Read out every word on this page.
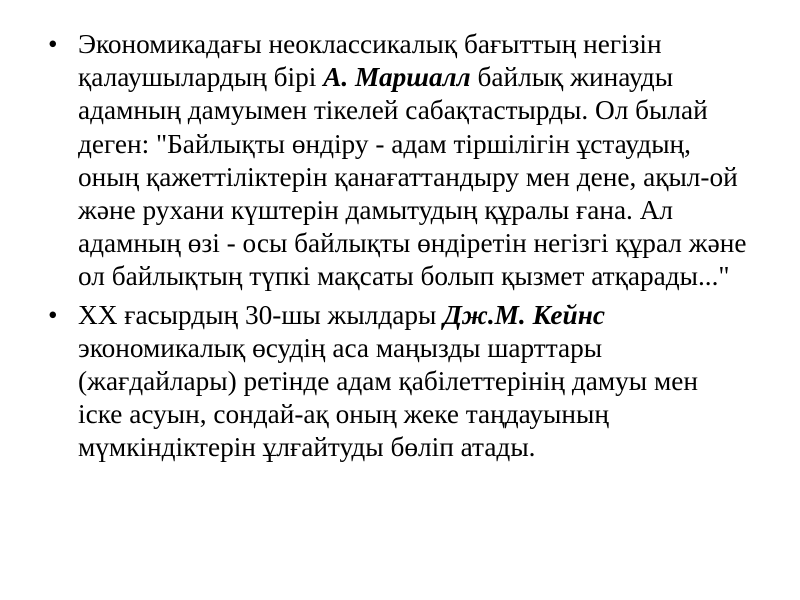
• Экономикадағы неоклассикалық бағыттың негізін қалаушылардың бірі А. Маршалл байлық жинауды адамның дамуымен тікелей сабақтастырды. Ол былай деген: "Байлықты өндіру - адам тіршілігін ұстаудың, оның қажеттіліктерін қанағаттандыру мен дене, ақыл-ой және рухани күштерін дамытудың құралы ғана. Ал адамның өзі - осы байлықты өндіретін негізгі құрал және ол байлықтың түпкі мақсаты болып қызмет атқарады..."
• XX ғасырдың 30-шы жылдары Дж.М. Кейнс экономикалық өсудің аса маңызды шарттары (жағдайлары) ретінде адам қабілеттерінің дамуы мен іске асуын, сондай-ақ оның жеке таңдауының мүмкіндіктерін ұлғайтуды бөліп атады.
